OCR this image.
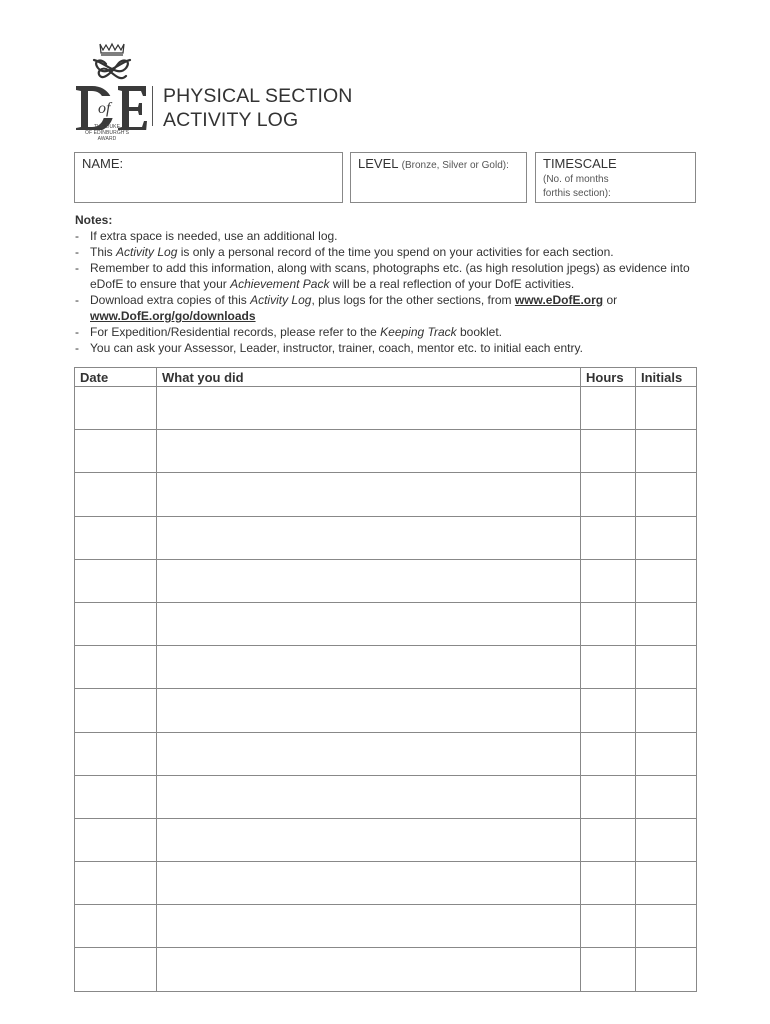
of
THE DUKE
OF EDINBURGH'S
AWARD
PHYSICAL SECTION
ACTIVITY LOG
NAME:	LEVEL (Bronze, Silver or Gold):	TIMESCALE
(No. of months
forthis section):
Notes:
- If extra space is needed, use an additional log.
- This Activity Log is only a personal record of the time you spend on your activities for each section.
- Remember to add this information, along with scans, photographs etc. (as high resolution jpegs) as evidence into eDofE to ensure that your Achievement Pack will be a real reflection of your DofE activities.
- Download extra copies of this Activity Log, plus logs for the other sections, from www.eDofE.org or
www.DofE.org/go/downloads
- For Expedition/Residential records, please refer to the Keeping Track booklet.
- You can ask your Assessor, Leader, instructor, trainer, coach, mentor etc. to initial each entry.
Date	What you did	Hours	Initials
